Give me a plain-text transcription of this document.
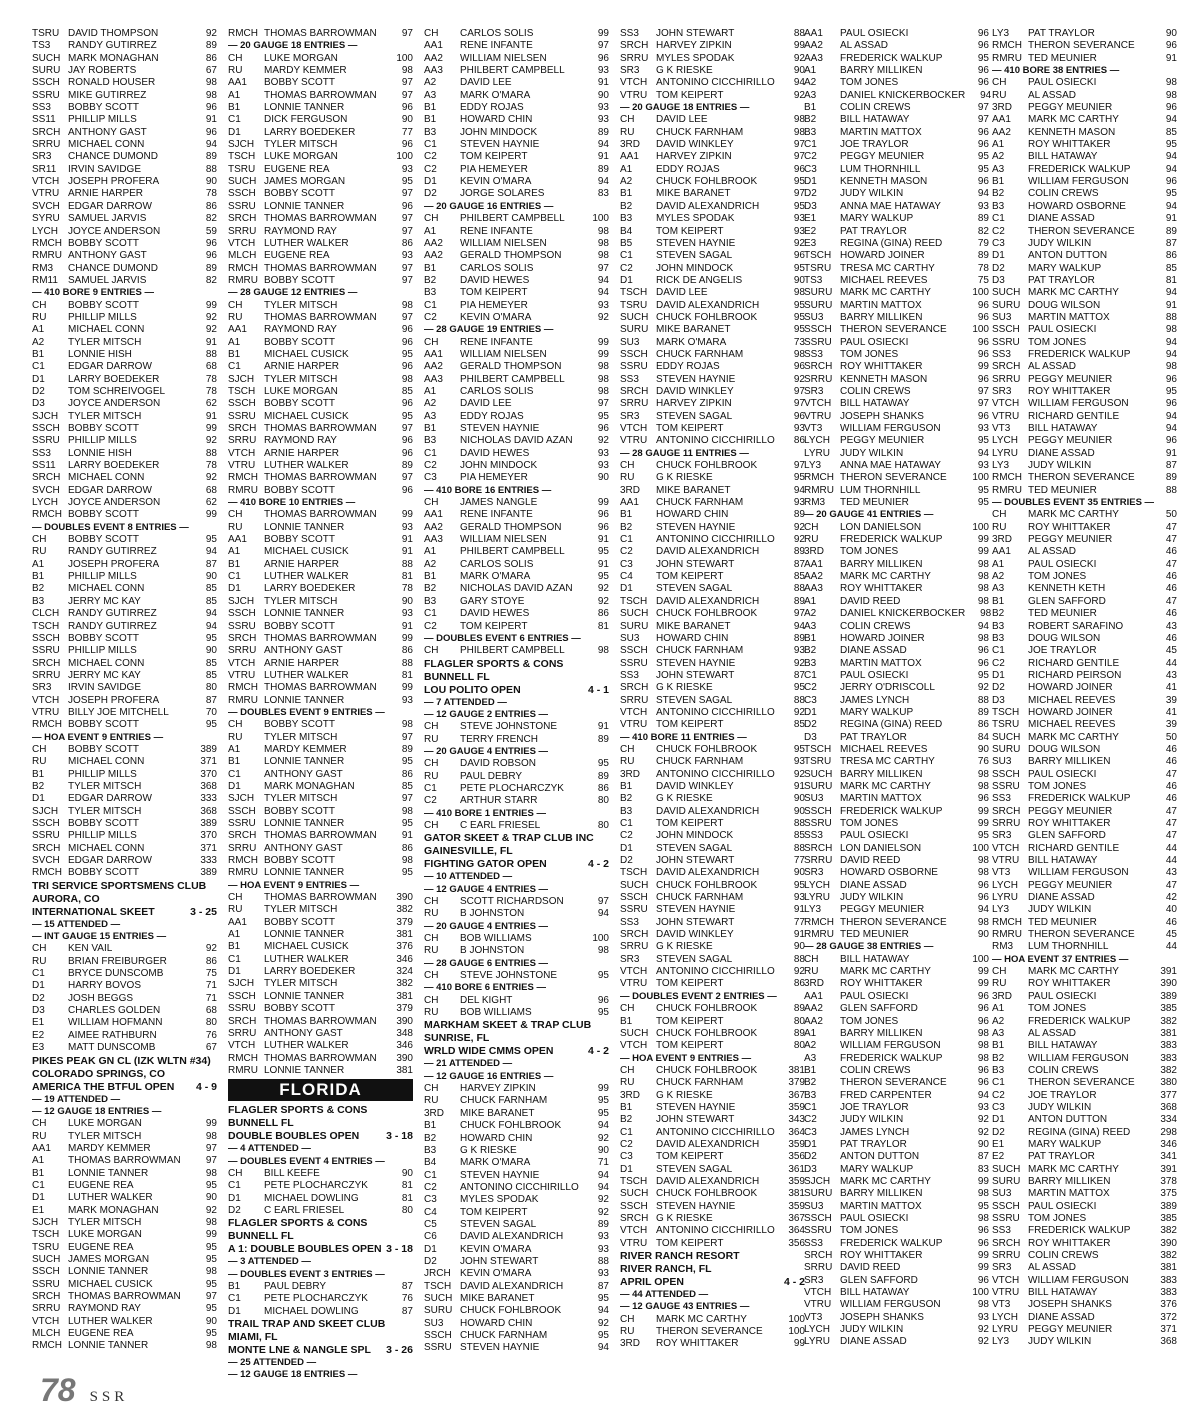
TSRU DAVID THOMPSON	92
TS3	RANDY GUTIRREZ	89
SUCH MARK MONAGHAN	86
SURU JAY ROBERTS	67
SSCH RONALD HOUSER	98
SSRU MIKE GUTIRREZ	98
SS3	BOBBY SCOTT	96
SS11	PHILLIP MILLS	91
SRCH ANTHONY GAST	96
SRRU MICHAEL CONN	94
SR3	CHANCE DUMOND	89
SR11	IRVIN SAVIDGE	88
VTCH JOSEPH PROFERA	90
VTRU ARNIE HARPER	78
SVCH EDGAR DARROW	86
SYRU SAMUEL JARVIS	82
LYCH	JOYCE ANDERSON	59
RMCH BOBBY SCOTT	96
RMRU ANTHONY GAST	96
RM3	CHANCE DUMOND	89
RM11	SAMUEL JARVIS	82
— 410 BORE 9 ENTRIES —
CH	BOBBY SCOTT	99
RU	PHILLIP MILLS	92
A1	MICHAEL CONN	92
A2	TYLER MITSCH	91
B1	LONNIE HISH	88
C1	EDGAR DARROW	68
D1	LARRY BOEDEKER	78
D2	TOM SCHREIVOGEL	78
D3	JOYCE ANDERSON	62
SJCH TYLER MITSCH	91
SSCH BOBBY SCOTT	99
SSRU PHILLIP MILLS	92
SS3	LONNIE HISH	88
SS11	LARRY BOEDEKER	78
SRCH MICHAEL CONN	92
SVCH EDGAR DARROW	68
LYCH	JOYCE ANDERSON	62
RMCH BOBBY SCOTT	99
— DOUBLES EVENT 8 ENTRIES —
CH	BOBBY SCOTT	95
RU	RANDY GUTIRREZ	94
A1	JOSEPH PROFERA	87
B1	PHILLIP MILLS	90
B2	MICHAEL CONN	85
B3	JERRY MC KAY	85
CLCH RANDY GUTIRREZ	94
TSCH RANDY GUTIRREZ	94
SSCH BOBBY SCOTT	95
SSRU PHILLIP MILLS	90
SRCH MICHAEL CONN	85
SRRU JERRY MC KAY	85
SR3	IRVIN SAVIDGE	80
VTCH JOSEPH PROFERA	87
VTRU BILLY JOE MITCHELL	70
RMCH BOBBY SCOTT	95
— HOA EVENT 9 ENTRIES —
CH	BOBBY SCOTT	389
RU	MICHAEL CONN	371
B1	PHILLIP MILLS	370
B2	TYLER MITSCH	368
D1	EDGAR DARROW	333
SJCH TYLER MITSCH	368
SSCH BOBBY SCOTT	389
SSRU PHILLIP MILLS	370
SRCH MICHAEL CONN	371
SVCH EDGAR DARROW	333
RMCH BOBBY SCOTT	389
TRI SERVICE SPORTSMENS CLUB
AURORA, CO
INTERNATIONAL SKEET	3 - 25
— 15 ATTENDED —
— INT GAUGE 15 ENTRIES —
CH	KEN VAIL	92
RU	BRIAN FREIBURGER	86
C1	BRYCE DUNSCOMB	75
D1	HARRY BOVOS	71
D2	JOSH BEGGS	71
D3	CHARLES GOLDEN	68
E1	WILLIAM HOFMANN	80
E2	AIMEE RATHBURN	76
E3	MATT DUNSCOMB	67
PIKES PEAK GN CL (IZK WLTN #34)
COLORADO SPRINGS, CO
AMERICA THE BTFUL OPEN	4 - 9
— 19 ATTENDED —
— 12 GAUGE 18 ENTRIES —
CH	LUKE MORGAN	99
RU	TYLER MITSCH	98
AA1	MARDY KEMMER	97
A1	THOMAS BARROWMAN	97
B1	LONNIE TANNER	98
C1	EUGENE REA	95
D1	LUTHER WALKER	90
E1	MARK MONAGHAN	92
SJCH TYLER MITSCH	98
TSCH LUKE MORGAN	99
TSRU EUGENE REA	95
SUCH JAMES MORGAN	95
SSCH LONNIE TANNER	98
SSRU MICHAEL CUSICK	95
SRCH THOMAS BARROWMAN	97
SRRU RAYMOND RAY	95
VTCH LUTHER WALKER	90
MLCH EUGENE REA	95
RMCH LONNIE TANNER	98
RMCH THOMAS BARROWMAN	97
— 20 GAUGE 18 ENTRIES —
CH	LUKE MORGAN	100
RU	MARDY KEMMER	98
AA1	BOBBY SCOTT	97
A1	THOMAS BARROWMAN	97
B1	LONNIE TANNER	96
C1	DICK FERGUSON	90
D1	LARRY BOEDEKER	77
SJCH TYLER MITSCH	96
TSCH LUKE MORGAN	100
TSRU EUGENE REA	93
SUCH JAMES MORGAN	95
SSCH BOBBY SCOTT	97
SSRU LONNIE TANNER	96
SRCH THOMAS BARROWMAN	97
SRRU RAYMOND RAY	97
VTCH LUTHER WALKER	86
MLCH EUGENE REA	93
RMCH THOMAS BARROWMAN	97
RMRU BOBBY SCOTT	97
— 28 GAUGE 12 ENTRIES —
CH	TYLER MITSCH	98
RU	THOMAS BARROWMAN	97
AA1	RAYMOND RAY	96
A1	BOBBY SCOTT	96
B1	MICHAEL CUSICK	95
C1	ARNIE HARPER	96
SJCH TYLER MITSCH	98
TSCH LUKE MORGAN	85
SSCH BOBBY SCOTT	96
SSRU MICHAEL CUSICK	95
SRCH THOMAS BARROWMAN	97
SRRU RAYMOND RAY	96
VTCH ARNIE HARPER	96
VTRU LUTHER WALKER	89
RMCH THOMAS BARROWMAN	97
RMRU BOBBY SCOTT	96
— 410 BORE 10 ENTRIES —
CH	THOMAS BARROWMAN	99
RU	LONNIE TANNER	93
AA1	BOBBY SCOTT	91
A1	MICHAEL CUSICK	91
B1	ARNIE HARPER	88
C1	LUTHER WALKER	81
D1	LARRY BOEDEKER	78
SJCH TYLER MITSCH	90
SSCH LONNIE TANNER	93
SSRU BOBBY SCOTT	91
SRCH THOMAS BARROWMAN	99
SRRU ANTHONY GAST	86
VTCH ARNIE HARPER	88
VTRU LUTHER WALKER	81
RMCH THOMAS BARROWMAN	99
RMRU LONNIE TANNER	93
— DOUBLES EVENT 9 ENTRIES —
CH	BOBBY SCOTT	98
RU	TYLER MITSCH	97
A1	MARDY KEMMER	89
B1	LONNIE TANNER	95
C1	ANTHONY GAST	86
D1	MARK MONAGHAN	85
SJCH TYLER MITSCH	97
SSCH BOBBY SCOTT	98
SSRU LONNIE TANNER	95
SRCH THOMAS BARROWMAN	91
SRRU ANTHONY GAST	86
RMCH BOBBY SCOTT	98
RMRU LONNIE TANNER	95
— HOA EVENT 9 ENTRIES —
CH	THOMAS BARROWMAN	390
RU	TYLER MITSCH	382
AA1	BOBBY SCOTT	379
A1	LONNIE TANNER	381
B1	MICHAEL CUSICK	376
C1	LUTHER WALKER	346
D1	LARRY BOEDEKER	324
SJCH TYLER MITSCH	382
SSCH LONNIE TANNER	381
SSRU BOBBY SCOTT	379
SRCH THOMAS BARROWMAN	390
SRRU ANTHONY GAST	348
VTCH LUTHER WALKER	346
RMCH THOMAS BARROWMAN	390
RMRU LONNIE TANNER	381
FLORIDA
FLAGLER SPORTS & CONS
BUNNELL FL
DOUBLE BOUBLES OPEN	3 - 18
— 4 ATTENDED —
— DOUBLES EVENT 4 ENTRIES —
CH	BILL KEEFE	90
C1	PETE PLOCHARCZYK	81
D1	MICHAEL DOWLING	81
D2	C EARL FRIESEL	80
FLAGLER SPORTS & CONS
BUNNELL FL
A 1: DOUBLE BOUBLES OPEN 3 - 18
— 3 ATTENDED —
— DOUBLES EVENT 3 ENTRIES —
B1	PAUL DEBRY	87
C1	PETE PLOCHARCZYK	76
D1	MICHAEL DOWLING	87
TRAIL TRAP AND SKEET CLUB
MIAMI, FL
MONTE LNE & NANGLE SPL	3 - 26
— 25 ATTENDED —
— 12 GAUGE 18 ENTRIES —
CH	CARLOS SOLIS	99
AA1	RENE INFANTE	97
AA2	WILLIAM NIELSEN	96
AA3	PHILBERT CAMPBELL	93
A2	DAVID LEE	91
A3	MARK O'MARA	90
B1	EDDY ROJAS	93
B1	HOWARD CHIN	93
B3	JOHN MINDOCK	89
C1	STEVEN HAYNIE	94
C2	TOM KEIPERT	91
C2	PIA HEMEYER	89
D1	KEVIN O'MARA	94
D2	JORGE SOLARES	83
— 20 GAUGE 16 ENTRIES —
CH	PHILBERT CAMPBELL	100
A1	RENE INFANTE	98
AA2	WILLIAM NIELSEN	98
AA2	GERALD THOMPSON	98
B1	CARLOS SOLIS	97
B2	DAVID HEWES	94
B3	TOM KEIPERT	94
C1	PIA HEMEYER	93
C2	KEVIN O'MARA	92
— 28 GAUGE 19 ENTRIES —
CH	RENE INFANTE	99
AA1	WILLIAM NIELSEN	99
AA2	GERALD THOMPSON	98
AA3	PHILBERT CAMPBELL	98
A1	CARLOS SOLIS	98
A2	DAVID LEE	97
A3	EDDY ROJAS	95
B1	STEVEN HAYNIE	96
B3	NICHOLAS DAVID AZAN	92
C1	DAVID HEWES	93
C2	JOHN MINDOCK	93
C3	PIA HEMEYER	90
— 410 BORE 16 ENTRIES —
CH	JAMES NANGLE	99
AA1	RENE INFANTE	96
AA2	GERALD THOMPSON	96
AA3	WILLIAM NIELSEN	91
A1	PHILBERT CAMPBELL	95
A2	CARLOS SOLIS	91
B1	MARK O'MARA	95
B2	NICHOLAS DAVID AZAN	92
B3	GARY STOYE	92
C1	DAVID HEWES	86
C2	TOM KEIPERT	81
— DOUBLES EVENT 6 ENTRIES —
CH	PHILBERT CAMPBELL	98
FLAGLER SPORTS & CONS
BUNNELL FL
LOU POLITO OPEN	4 - 1
— 7 ATTENDED —
— 12 GAUGE 2 ENTRIES —
CH	STEVE JOHNSTONE	91
RU	TERRY FRENCH	89
— 20 GAUGE 4 ENTRIES —
CH	DAVID ROBSON	95
RU	PAUL DEBRY	89
C1	PETE PLOCHARCZYK	86
C2	ARTHUR STARR	80
— 410 BORE 1 ENTRIES —
CH	C EARL FRIESEL	80
GATOR SKEET & TRAP CLUB INC
GAINESVILLE, FL
FIGHTING GATOR OPEN	4 - 2
— 10 ATTENDED —
— 12 GAUGE 4 ENTRIES —
CH	SCOTT RICHARDSON	97
RU	B JOHNSTON	94
— 20 GAUGE 4 ENTRIES —
CH	BOB WILLIAMS	100
RU	B JOHNSTON	98
— 28 GAUGE 6 ENTRIES —
CH	STEVE JOHNSTONE	95
— 410 BORE 6 ENTRIES —
CH	DEL KIGHT	96
RU	BOB WILLIAMS	95
MARKHAM SKEET & TRAP CLUB
SUNRISE, FL
WRLD WIDE CMMS OPEN	4 - 2
— 21 ATTENDED —
— 12 GAUGE 16 ENTRIES —
CH	HARVEY ZIPKIN	99
RU	CHUCK FARNHAM	95
3RD	MIKE BARANET	95
B1	CHUCK FOHLBROOK	94
B2	HOWARD CHIN	92
B3	G K RIESKE	90
B4	MARK O'MARA	71
C1	STEVEN HAYNIE	94
C2	ANTONINO CICCHIRILLO	94
C3	MYLES SPODAK	92
C4	TOM KEIPERT	92
C5	STEVEN SAGAL	89
C6	DAVID ALEXANDRICH	93
D1	KEVIN O'MARA	93
D2	JOHN STEWART	88
JRCH KEVIN O'MARA	93
TSCH DAVID ALEXANDRICH	87
SUCH MIKE BARANET	95
SURU CHUCK FOHLBROOK	94
SU3	HOWARD CHIN	92
SSCH CHUCK FARNHAM	95
SSRU STEVEN HAYNIE	94
SS3	JOHN STEWART	88
SRCH HARVEY ZIPKIN	99
SRRU MYLES SPODAK	92
SR3	G K RIESKE	90
VTCH ANTONINO CICCHIRILLO	94
VTRU TOM KEIPERT	92
— 20 GAUGE 18 ENTRIES —
CH	DAVID LEE	98
RU	CHUCK FARNHAM	98
3RD	DAVID WINKLEY	97
AA1	HARVEY ZIPKIN	97
A1	EDDY ROJAS	96
A2	CHUCK FOHLBROOK	95
B1	MIKE BARANET	97
B2	DAVID ALEXANDRICH	95
B3	MYLES SPODAK	93
B4	TOM KEIPERT	93
B5	STEVEN HAYNIE	92
C1	STEVEN SAGAL	96
C2	JOHN MINDOCK	95
D1	RICK DE ANGELIS	90
TSCH DAVID LEE	98
TSRU DAVID ALEXANDRICH	95
SUCH CHUCK FOHLBROOK	95
SURU MIKE BARANET	95
SU3	MARK O'MARA	73
SSCH CHUCK FARNHAM	98
SSRU EDDY ROJAS	96
SS3	STEVEN HAYNIE	92
SRCH DAVID WINKLEY	97
SRRU HARVEY ZIPKIN	97
SR3	STEVEN SAGAL	96
VTCH TOM KEIPERT	93
VTRU ANTONINO CICCHIRILLO	86
— 28 GAUGE 11 ENTRIES —
CH	CHUCK FOHLBROOK	97
RU	G K RIESKE	95
3RD	MIKE BARANET	94
AA1	CHUCK FARNHAM	93
B1	HOWARD CHIN	89
B2	STEVEN HAYNIE	92
C1	ANTONINO CICCHIRILLO	92
C2	DAVID ALEXANDRICH	89
C3	JOHN STEWART	87
C4	TOM KEIPERT	85
D1	STEVEN SAGAL	88
TSCH DAVID ALEXANDRICH	89
SUCH CHUCK FOHLBROOK	97
SURU MIKE BARANET	94
SU3	HOWARD CHIN	89
SSCH CHUCK FARNHAM	93
SSRU STEVEN HAYNIE	92
SS3	JOHN STEWART	87
SRCH G K RIESKE	95
SRRU STEVEN SAGAL	88
VTCH ANTONINO CICCHIRILLO	92
VTRU TOM KEIPERT	85
— 410 BORE 11 ENTRIES —
CH	CHUCK FOHLBROOK	95
RU	CHUCK FARNHAM	93
3RD	ANTONINO CICCHIRILLO	92
B1	DAVID WINKLEY	91
B2	G K RIESKE	90
B3	DAVID ALEXANDRICH	90
C1	TOM KEIPERT	88
C2	JOHN MINDOCK	85
D1	STEVEN SAGAL	88
D2	JOHN STEWART	77
TSCH DAVID ALEXANDRICH	90
SUCH CHUCK FOHLBROOK	95
SSCH CHUCK FARNHAM	93
SSRU STEVEN HAYNIE	91
SS3	JOHN STEWART	77
SRCH DAVID WINKLEY	91
SRRU G K RIESKE	90
SR3	STEVEN SAGAL	88
VTCH ANTONINO CICCHIRILLO	92
VTRU TOM KEIPERT	86
— DOUBLES EVENT 2 ENTRIES —
CH	CHUCK FOHLBROOK	89
B1	TOM KEIPERT	80
SUCH CHUCK FOHLBROOK	89
VTCH TOM KEIPERT	80
— HOA EVENT 9 ENTRIES —
CH	CHUCK FOHLBROOK	381
RU	CHUCK FARNHAM	379
3RD	G K RIESKE	367
B1	STEVEN HAYNIE	359
B2	JOHN STEWART	343
C1	ANTONINO CICCHIRILLO	364
C2	DAVID ALEXANDRICH	359
C3	TOM KEIPERT	356
D1	STEVEN SAGAL	361
TSCH DAVID ALEXANDRICH	359
SUCH CHUCK FOHLBROOK	381
SSCH STEVEN HAYNIE	359
SRCH G K RIESKE	367
VTCH ANTONINO CICCHIRILLO	364
VTRU TOM KEIPERT	356
RIVER RANCH RESORT
RIVER RANCH, FL
APRIL OPEN	4 - 2
— 44 ATTENDED —
— 12 GAUGE 43 ENTRIES —
CH	MARK MC CARTHY	100
RU	THERON SEVERANCE	100
3RD	ROY WHITTAKER	99
AA1	PAUL OSIECKI	96
AA2	AL ASSAD	96
AA3	FREDERICK WALKUP	95
A1	BARRY MILLIKEN	96
A2	TOM JONES	96
A3	DANIEL KNICKERBOCKER	94
B1	COLIN CREWS	97
B2	BILL HATAWAY	97
B3	MARTIN MATTOX	96
C1	JOE TRAYLOR	96
C2	PEGGY MEUNIER	95
C3	LUM THORNHILL	95
D1	KENNETH MASON	96
D2	JUDY WILKIN	94
D3	ANNA MAE HATAWAY	93
E1	MARY WALKUP	89
E2	PAT TRAYLOR	82
E3	REGINA (GINA) REED	79
TSCH HOWARD JOINER	89
TSRU TRESA MC CARTHY	78
TS3	MICHAEL REEVES	75
SURU MARK MC CARTHY	100
SURU MARTIN MATTOX	96
SU3	BARRY MILLIKEN	96
SSCH THERON SEVERANCE	100
SSRU PAUL OSIECKI	96
SS3	TOM JONES	96
SRCH ROY WHITTAKER	99
SRRU KENNETH MASON	96
SR3	COLIN CREWS	97
VTCH BILL HATAWAY	97
VTRU JOSEPH SHANKS	96
VT3	WILLIAM FERGUSON	93
LYCH	PEGGY MEUNIER	95
LYRU	JUDY WILKIN	94
LY3	ANNA MAE HATAWAY	93
RMCH THERON SEVERANCE	100
RMRU LUM THORNHILL	95
RM3	TED MEUNIER	95
— 20 GAUGE 41 ENTRIES —
CH	LON DANIELSON	100
RU	FREDERICK WALKUP	99
3RD	TOM JONES	99
AA1	BARRY MILLIKEN	98
AA2	MARK MC CARTHY	98
AA3	ROY WHITTAKER	98
A1	DAVID REED	98
A2	DANIEL KNICKERBOCKER	98
A3	COLIN CREWS	94
B1	HOWARD JOINER	98
B2	DIANE ASSAD	96
B3	MARTIN MATTOX	96
C1	PAUL OSIECKI	95
C2	JERRY O'DRISCOLL	92
C3	JAMES LYNCH	88
D1	MARY WALKUP	89
D2	REGINA (GINA) REED	86
D3	PAT TRAYLOR	84
TSCH MICHAEL REEVES	90
TSRU TRESA MC CARTHY	76
SUCH BARRY MILLIKEN	98
SURU MARK MC CARTHY	98
SU3	MARTIN MATTOX	96
SSCH FREDERICK WALKUP	99
SSRU TOM JONES	99
SS3	PAUL OSIECKI	95
SRCH LON DANIELSON	100
SRRU DAVID REED	98
SR3	HOWARD OSBORNE	98
LYCH	DIANE ASSAD	96
LYRU	JUDY WILKIN	96
LY3	PEGGY MEUNIER	94
RMCH THERON SEVERANCE	98
RMRU TED MEUNIER	90
— 28 GAUGE 38 ENTRIES —
CH	BILL HATAWAY	100
RU	MARK MC CARTHY	99
3RD	ROY WHITTAKER	99
AA1	PAUL OSIECKI	96
AA2	GLEN SAFFORD	96
AA2	TOM JONES	96
A1	BARRY MILLIKEN	98
A2	WILLIAM FERGUSON	98
A3	FREDERICK WALKUP	98
B1	COLIN CREWS	96
B2	THERON SEVERANCE	96
B3	FRED CARPENTER	94
C1	JOE TRAYLOR	93
C2	JUDY WILKIN	92
C3	JAMES LYNCH	92
D1	PAT TRAYLOR	90
D2	ANTON DUTTON	87
D3	MARY WALKUP	83
SJCH MARK MC CARTHY	99
SURU BARRY MILLIKEN	98
SU3	MARTIN MATTOX	95
SSCH PAUL OSIECKI	98
SSRU TOM JONES	96
SS3	FREDERICK WALKUP	96
SRCH ROY WHITTAKER	99
SRRU DAVID REED	99
SR3	GLEN SAFFORD	96
VTCH BILL HATAWAY	100
VTRU WILLIAM FERGUSON	98
VT3	JOSEPH SHANKS	93
LYCH	JUDY WILKIN	92
LYRU	DIANE ASSAD	92
LY3	PAT TRAYLOR	90
RMCH THERON SEVERANCE	96
RMRU TED MEUNIER	91
— 410 BORE 38 ENTRIES —
CH	PAUL OSIECKI	98
RU	AL ASSAD	98
3RD	PEGGY MEUNIER	96
AA1	MARK MC CARTHY	94
AA2	KENNETH MASON	85
A1	ROY WHITTAKER	95
A2	BILL HATAWAY	94
A3	FREDERICK WALKUP	94
B1	WILLIAM FERGUSON	96
B2	COLIN CREWS	95
B3	HOWARD OSBORNE	94
C1	DIANE ASSAD	91
C2	THERON SEVERANCE	89
C3	JUDY WILKIN	87
D1	ANTON DUTTON	86
D2	MARY WALKUP	85
D3	PAT TRAYLOR	81
SUCH MARK MC CARTHY	94
SURU DOUG WILSON	91
SU3	MARTIN MATTOX	88
SSCH PAUL OSIECKI	98
SSRU TOM JONES	94
SS3	FREDERICK WALKUP	94
SRCH AL ASSAD	98
SRRU PEGGY MEUNIER	96
SR3	ROY WHITTAKER	95
VTCH WILLIAM FERGUSON	96
VTRU RICHARD GENTILE	94
VT3	BILL HATAWAY	94
LYCH	PEGGY MEUNIER	96
LYRU	DIANE ASSAD	91
LY3	JUDY WILKIN	87
RMCH THERON SEVERANCE	89
RMRU TED MEUNIER	88
— DOUBLES EVENT 35 ENTRIES —
CH	MARK MC CARTHY	50
RU	ROY WHITTAKER	47
3RD	PEGGY MEUNIER	47
AA1	AL ASSAD	46
A1	PAUL OSIECKI	47
A2	TOM JONES	46
A3	KENNETH KETH	46
B1	GLEN SAFFORD	47
B2	TED MEUNIER	46
B3	ROBERT SARAFINO	43
B3	DOUG WILSON	46
C1	JOE TRAYLOR	45
C2	RICHARD GENTILE	44
D1	RICHARD PEIRSON	43
D2	HOWARD JOINER	41
D3	MICHAEL REEVES	39
TSCH HOWARD JOINER	41
TSRU MICHAEL REEVES	39
SUCH MARK MC CARTHY	50
SURU DOUG WILSON	46
SU3	BARRY MILLIKEN	46
SSCH PAUL OSIECKI	47
SSRU TOM JONES	46
SS3	FREDERICK WALKUP	46
SRCH PEGGY MEUNIER	47
SRRU ROY WHITTAKER	47
SR3	GLEN SAFFORD	47
VTCH RICHARD GENTILE	44
VTRU BILL HATAWAY	44
VT3	WILLIAM FERGUSON	43
LYCH	PEGGY MEUNIER	47
LYRU	DIANE ASSAD	42
LY3	JUDY WILKIN	40
RMCH TED MEUNIER	46
RMRU THERON SEVERANCE	45
RM3	LUM THORNHILL	44
— HOA EVENT 37 ENTRIES —
CH	MARK MC CARTHY	391
RU	ROY WHITTAKER	390
3RD	PAUL OSIECKI	389
A1	TOM JONES	385
A2	FREDERICK WALKUP	382
A3	AL ASSAD	381
B1	BILL HATAWAY	383
B2	WILLIAM FERGUSON	383
B3	COLIN CREWS	382
C1	THERON SEVERANCE	380
C2	JOE TRAYLOR	377
C3	JUDY WILKIN	368
D1	ANTON DUTTON	334
D2	REGINA (GINA) REED	298
E1	MARY WALKUP	346
E2	PAT TRAYLOR	341
SUCH MARK MC CARTHY	391
SURU BARRY MILLIKEN	378
SU3	MARTIN MATTOX	375
SSCH PAUL OSIECKI	389
SSRU TOM JONES	385
SS3	FREDERICK WALKUP	382
SRCH ROY WHITTAKER	390
SRRU COLIN CREWS	382
SR3	AL ASSAD	381
VTCH WILLIAM FERGUSON	383
VTRU BILL HATAWAY	383
VT3	JOSEPH SHANKS	376
LYCH	DIANE ASSAD	372
LYRU	PEGGY MEUNIER	371
LY3	JUDY WILKIN	368
78 SSR
